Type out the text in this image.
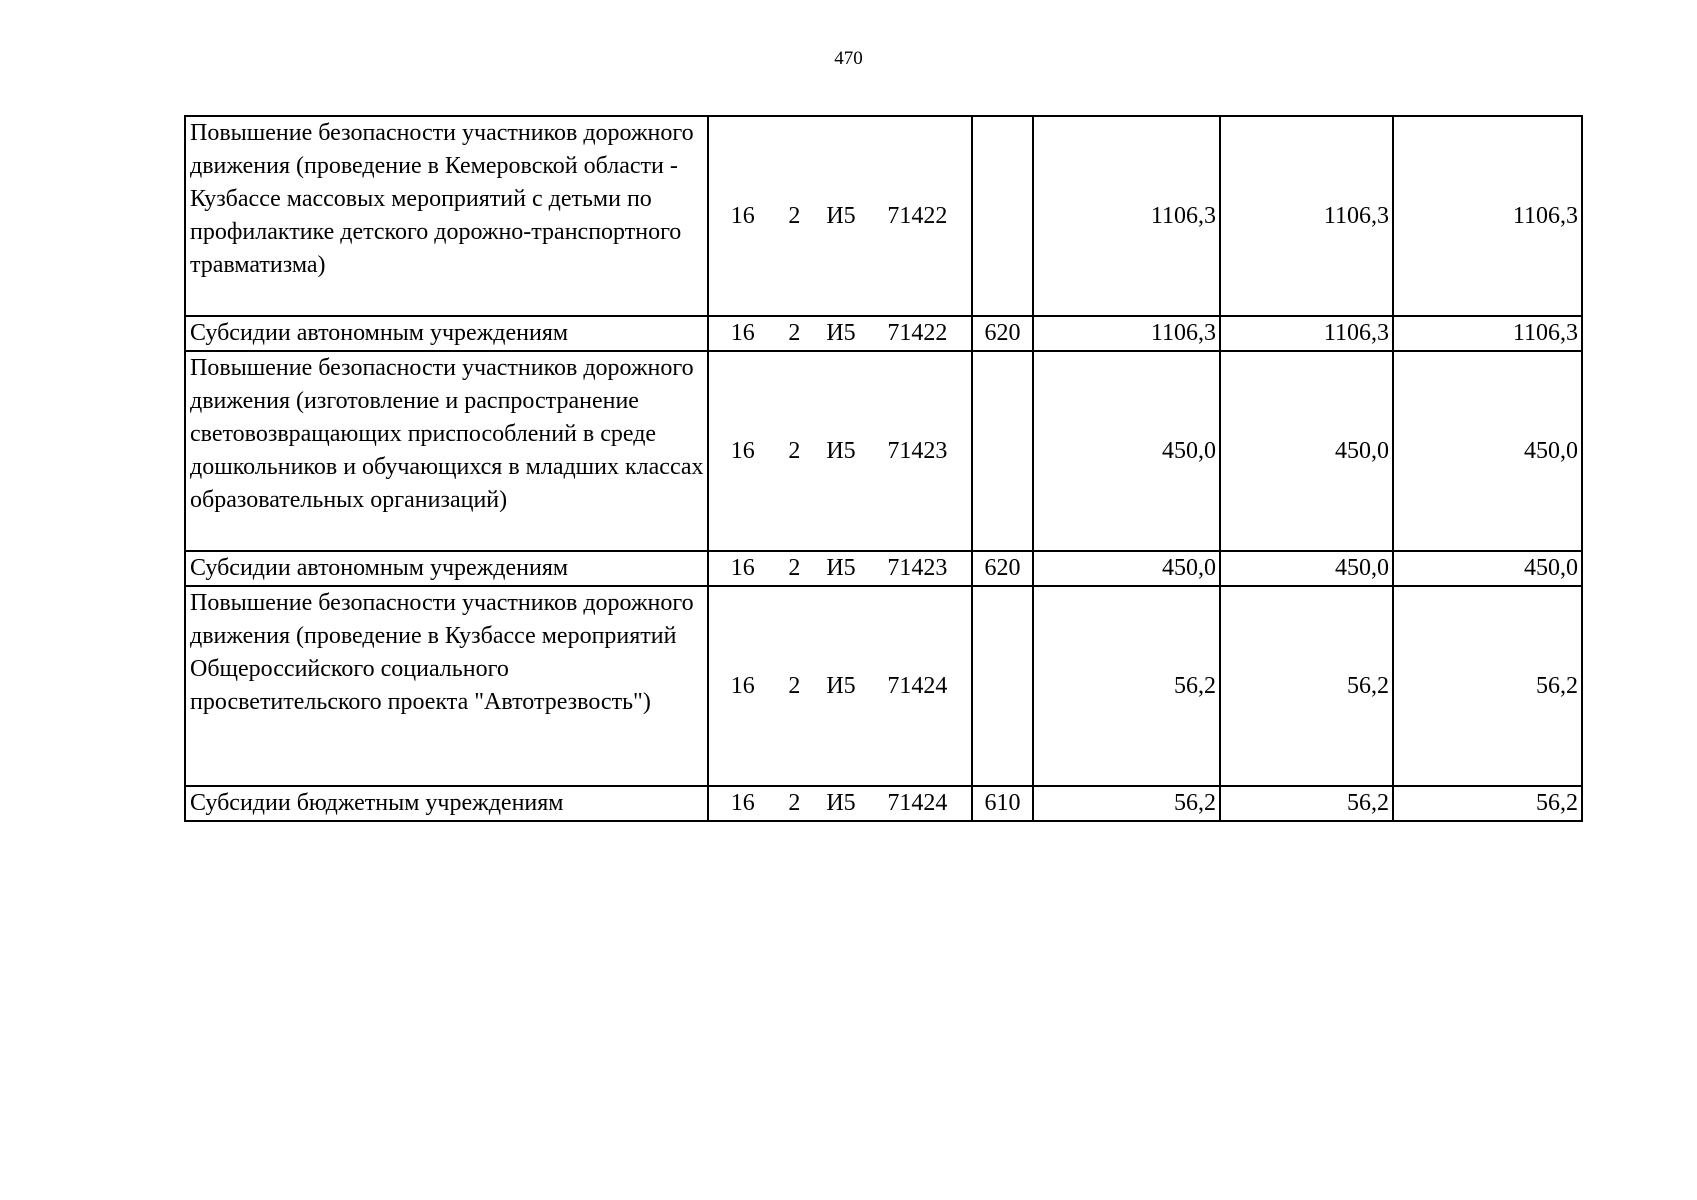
470
Повышение безопасности участников дорожного движения (проведение в Кемеровской области - Кузбассе массовых мероприятий с детьми по профилактике детского дорожно-транспортного травматизма)	16 2 И5 71422		1106,3	1106,3	1106,3
Субсидии автономным учреждениям	16 2 И5 71422	620	1106,3	1106,3	1106,3
Повышение безопасности участников дорожного движения (изготовление и распространение световозвращающих приспособлений в среде дошкольников и обучающихся в младших классах образовательных организаций)	16 2 И5 71423		450,0	450,0	450,0
Субсидии автономным учреждениям	16 2 И5 71423	620	450,0	450,0	450,0
Повышение безопасности участников дорожного движения (проведение в Кузбассе мероприятий Общероссийского социального просветительского проекта "Автотрезвость")	16 2 И5 71424		56,2	56,2	56,2
Субсидии бюджетным учреждениям	16 2 И5 71424	610	56,2	56,2	56,2
